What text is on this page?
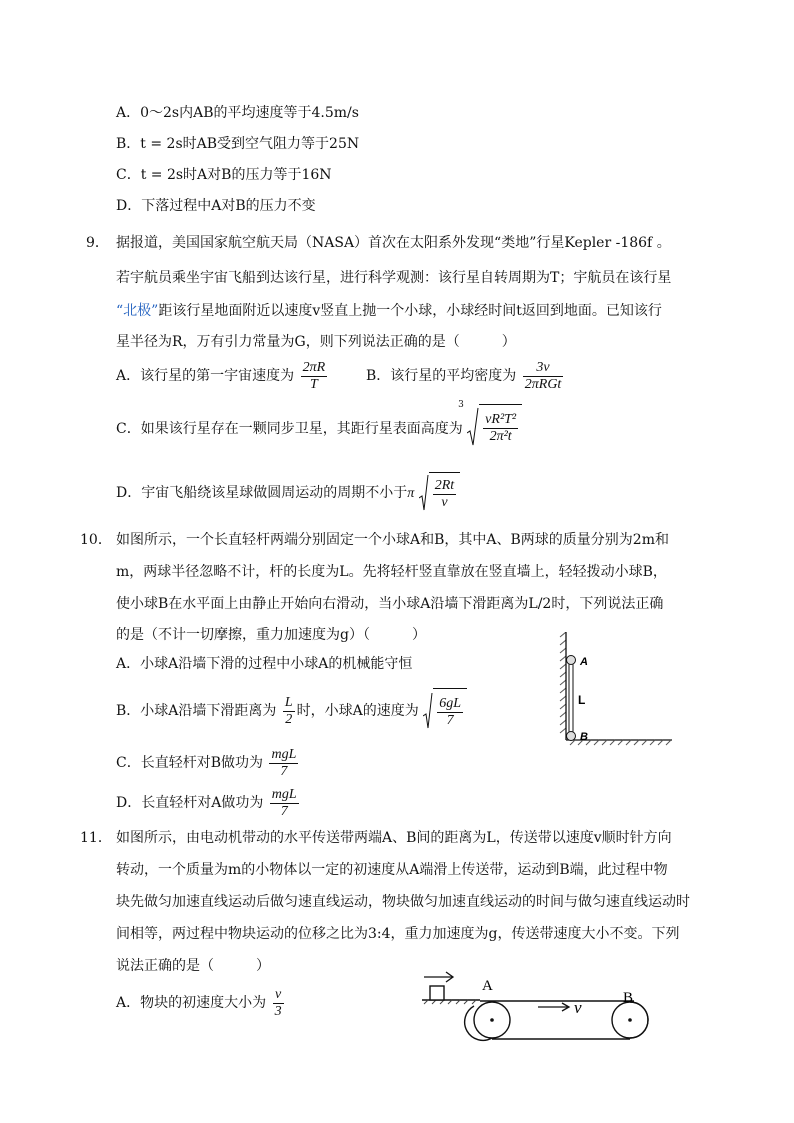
A．0～2s内AB的平均速度等于4.5m/s
B．t = 2s时AB受到空气阻力等于25N
C．t = 2s时A对B的压力等于16N
D．下落过程中A对B的压力不变
9． 据报道，美国国家航空航天局（NASA）首次在太阳系外发现“类地”行星Kepler -186f 。
若宇航员乘坐宇宙飞船到达该行星，进行科学观测：该行星自转周期为T；宇航员在该行星
“北极”距该行星地面附近以速度v竖直上抛一个小球，小球经时间t返回到地面。已知该行
星半径为R，万有引力常量为G，则下列说法正确的是（　　　）
A．该行星的第一宇宙速度为 $\frac{2\pi R}{T}$	B．该行星的平均密度为 $\frac{3v}{\text{2πRGt}}$
C．如果该行星存在一颗同步卫星，其距行星表面高度为
3
$\frac{\text{vR²T²}}{\text{2π²t}}$
D．宇宙飞船绕该星球做圆周运动的周期不小于π $\frac{2Rt}{v}$
10． 如图所示，一个长直轻杆两端分别固定一个小球A和B，其中A、B两球的质量分别为2m和
m，两球半径忽略不计，杆的长度为L。先将轻杆竖直靠放在竖直墙上，轻轻拨动小球B，
使小球B在水平面上由静止开始向右滑动，当小球A沿墙下滑距离为L/2时，下列说法正确
的是（不计一切摩擦，重力加速度为g）（　　　）
A．小球A沿墙下滑的过程中小球A的机械能守恒
B．小球A沿墙下滑距离为 $\frac{L}{2}$ 时，小球A的速度为 $\frac{6gL}{7}$
C．长直轻杆对B做功为 $\frac{\text{mgL}}{7}$
D．长直轻杆对A做功为 $\frac{\text{mgL}}{7}$
A
L
B
11． 如图所示，由电动机带动的水平传送带两端A、B间的距离为L，传送带以速度v顺时针方向
转动，一个质量为m的小物体以一定的初速度从A端滑上传送带，运动到B端，此过程中物
块先做匀加速直线运动后做匀速直线运动，物块做匀加速直线运动的时间与做匀速直线运动时
间相等，两过程中物块运动的位移之比为3:4，重力加速度为g，传送带速度大小不变。下列
说法正确的是（　　　）
A．物块的初速度大小为 $\frac{v}{3}$	v
A
B
